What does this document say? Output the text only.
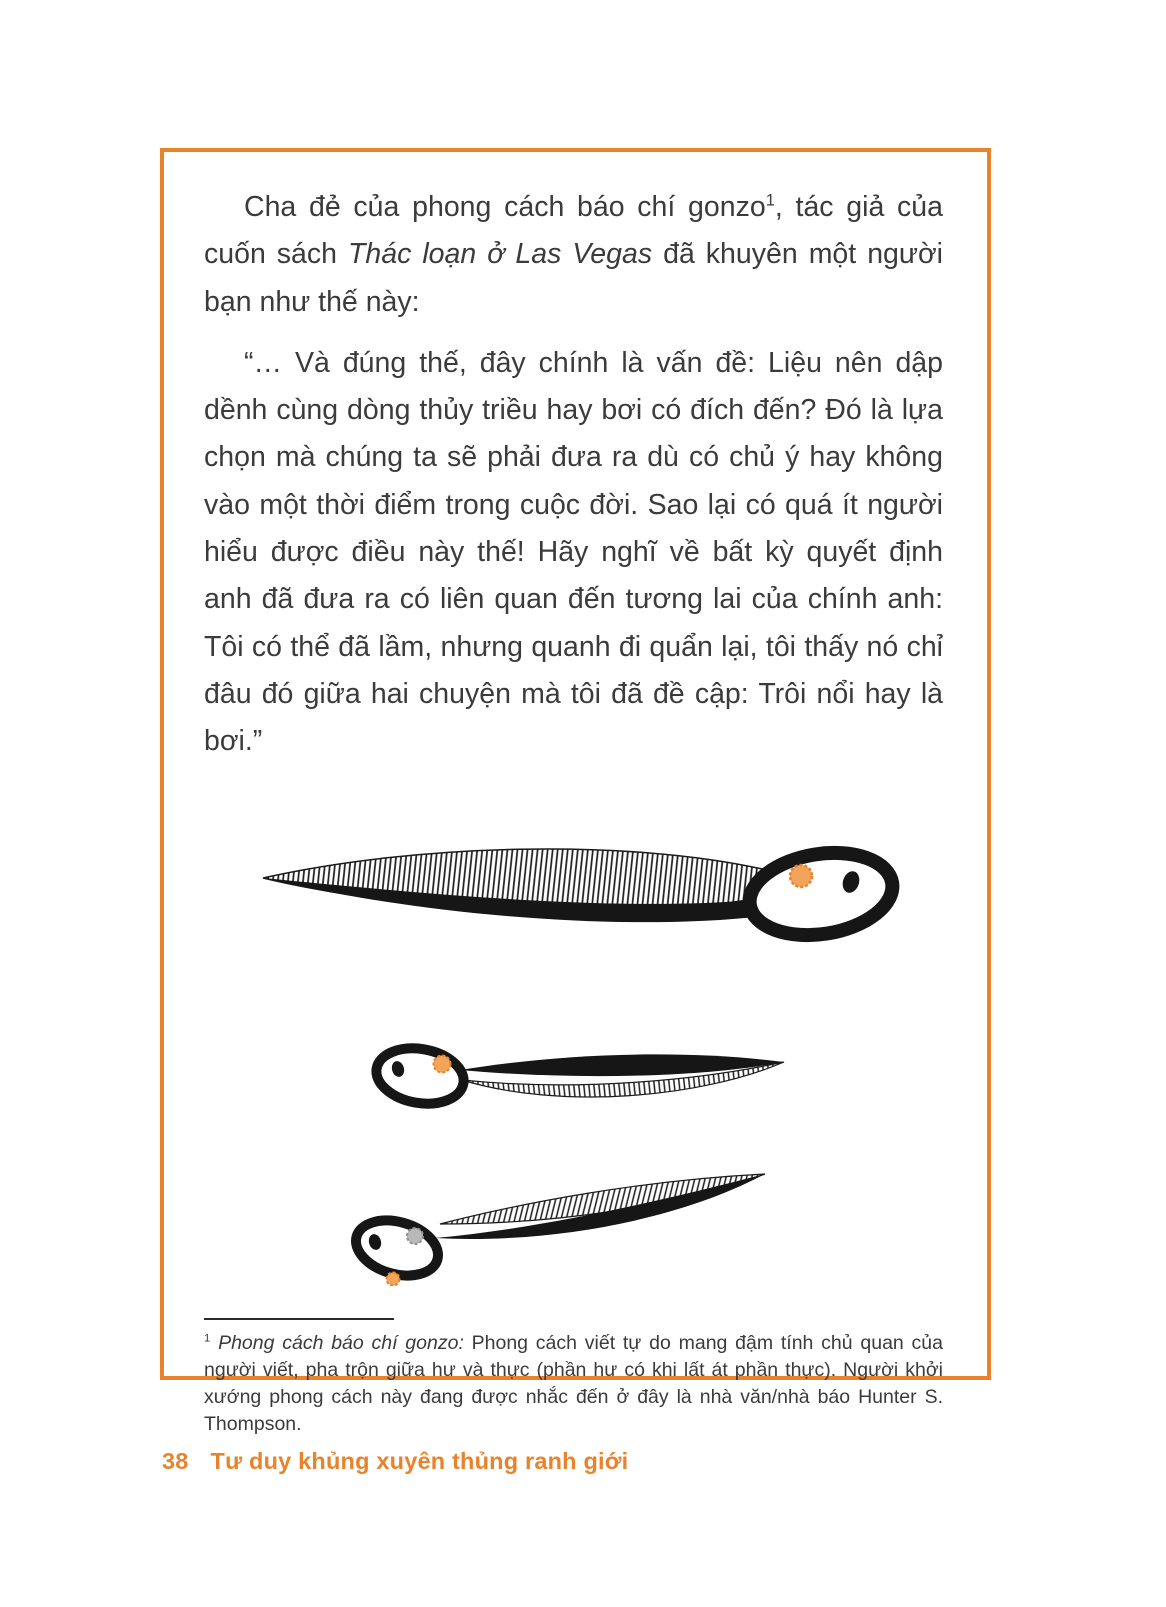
Cha đẻ của phong cách báo chí gonzo$^1$, tác giả của cuốn sách Thác loạn ở Las Vegas đã khuyên một người bạn như thế này:

“… Và đúng thế, đây chính là vấn đề: Liệu nên dập dềnh cùng dòng thủy triều hay bơi có đích đến? Đó là lựa chọn mà chúng ta sẽ phải đưa ra dù có chủ ý hay không vào một thời điểm trong cuộc đời. Sao lại có quá ít người hiểu được điều này thế! Hãy nghĩ về bất kỳ quyết định anh đã đưa ra có liên quan đến tương lai của chính anh: Tôi có thể đã lầm, nhưng quanh đi quẩn lại, tôi thấy nó chỉ đâu đó giữa hai chuyện mà tôi đã đề cập: Trôi nổi hay là bơi.”

$^1$ Phong cách báo chí gonzo: Phong cách viết tự do mang đậm tính chủ quan của người viết, pha trộn giữa hư và thực (phần hư có khi lất át phần thực). Người khởi xướng phong cách này đang được nhắc đến ở đây là nhà văn/nhà báo Hunter S. Thompson.

38 Tư duy khủng xuyên thủng ranh giới
